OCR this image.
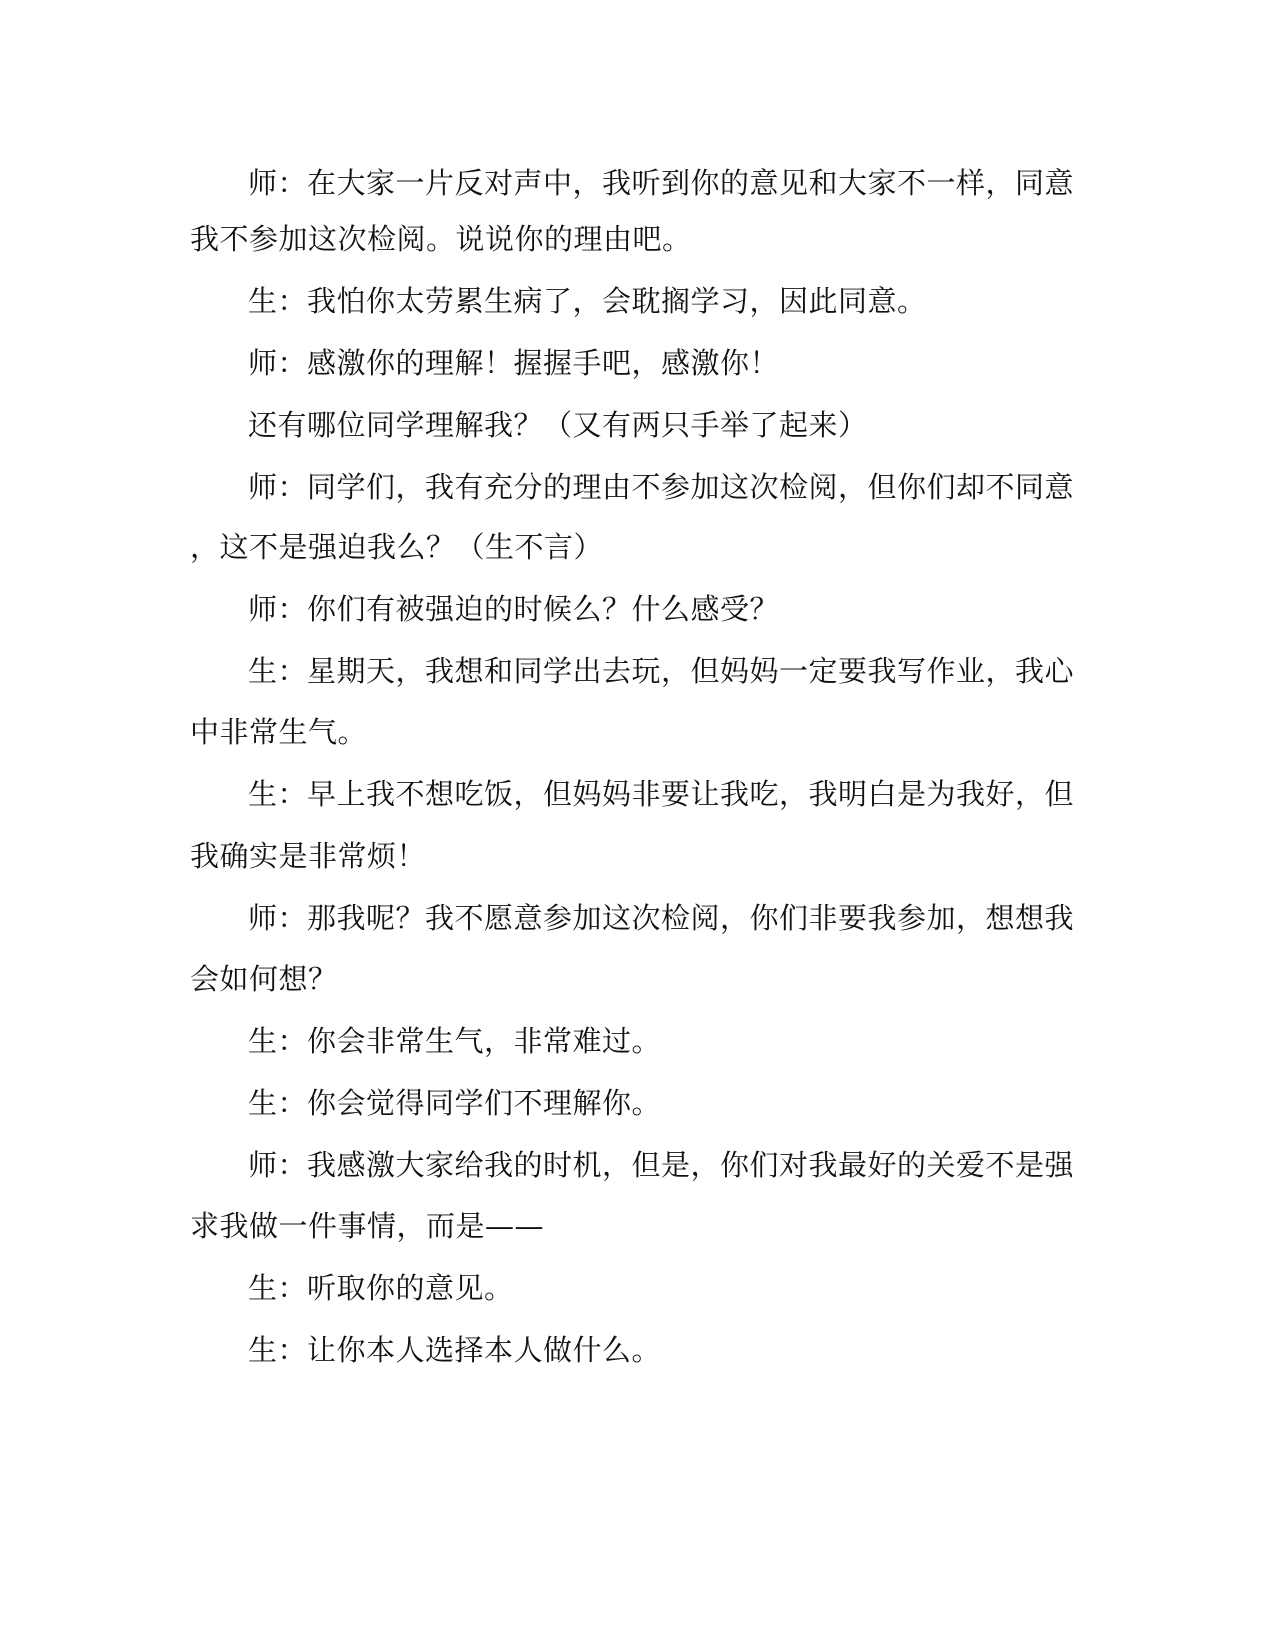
师：在大家一片反对声中，我听到你的意见和大家不一样，同意
我不参加这次检阅。说说你的理由吧。
生：我怕你太劳累生病了，会耽搁学习，因此同意。
师：感激你的理解！握握手吧，感激你！
还有哪位同学理解我？（又有两只手举了起来）
师：同学们，我有充分的理由不参加这次检阅，但你们却不同意
，这不是强迫我么？（生不言）
师：你们有被强迫的时候么？什么感受？
生：星期天，我想和同学出去玩，但妈妈一定要我写作业，我心
中非常生气。
生：早上我不想吃饭，但妈妈非要让我吃，我明白是为我好，但
我确实是非常烦！
师：那我呢？我不愿意参加这次检阅，你们非要我参加，想想我
会如何想？
生：你会非常生气，非常难过。
生：你会觉得同学们不理解你。
师：我感激大家给我的时机，但是，你们对我最好的关爱不是强
求我做一件事情，而是——
生：听取你的意见。
生：让你本人选择本人做什么。
